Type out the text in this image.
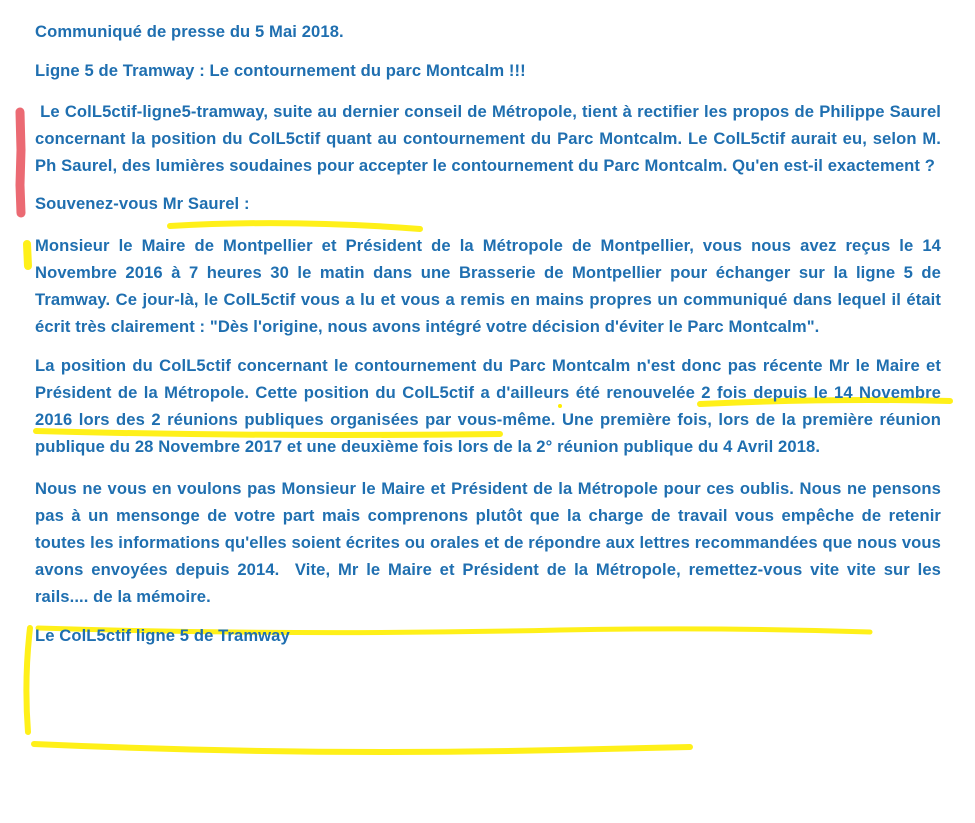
Communiqué de presse du 5 Mai 2018.

Ligne 5 de Tramway : Le contournement du parc Montcalm !!!

Le ColL5ctif-ligne5-tramway, suite au dernier conseil de Métropole, tient à rectifier les propos de Philippe Saurel concernant la position du ColL5ctif quant au contournement du Parc Montcalm. Le ColL5ctif aurait eu, selon M. Ph Saurel, des lumières soudaines pour accepter le contournement du Parc Montcalm. Qu'en est-il exactement ?

Souvenez-vous Mr Saurel :

Monsieur le Maire de Montpellier et Président de la Métropole de Montpellier, vous nous avez reçus le 14 Novembre 2016 à 7 heures 30 le matin dans une Brasserie de Montpellier pour échanger sur la ligne 5 de Tramway. Ce jour-là, le ColL5ctif vous a lu et vous a remis en mains propres un communiqué dans lequel il était écrit très clairement : "Dès l'origine, nous avons intégré votre décision d'éviter le Parc Montcalm".

La position du ColL5ctif concernant le contournement du Parc Montcalm n'est donc pas récente Mr le Maire et Président de la Métropole. Cette position du ColL5ctif a d'ailleurs été renouvelée 2 fois depuis le 14 Novembre 2016 lors des 2 réunions publiques organisées par vous-même. Une première fois, lors de la première réunion publique du 28 Novembre 2017 et une deuxième fois lors de la 2° réunion publique du 4 Avril 2018.

Nous ne vous en voulons pas Monsieur le Maire et Président de la Métropole pour ces oublis. Nous ne pensons pas à un mensonge de votre part mais comprenons plutôt que la charge de travail vous empêche de retenir toutes les informations qu'elles soient écrites ou orales et de répondre aux lettres recommandées que nous vous avons envoyées depuis 2014.  Vite, Mr le Maire et Président de la Métropole, remettez-vous vite vite sur les rails.... de la mémoire.

Le ColL5ctif ligne 5 de Tramway
